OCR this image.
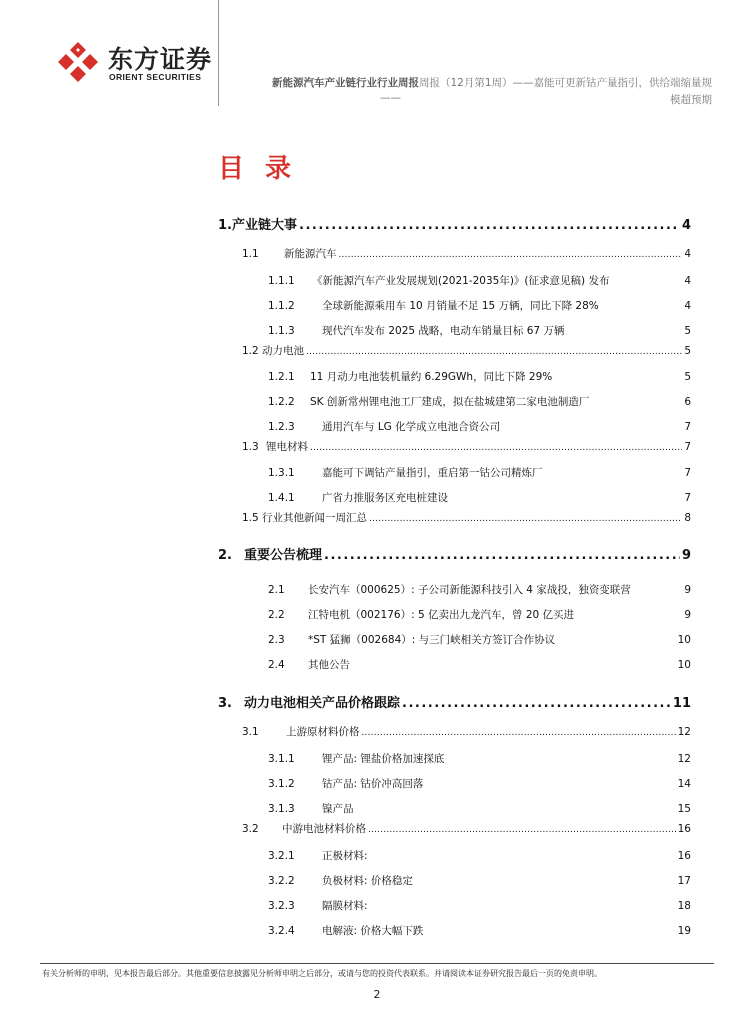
东方证券
ORIENT SECURITIES	新能源汽车产业链行业行业周报周报（12月第1周）——嘉能可更新钴产量指引，供给端缩量规
——	模超预期
目 录
1. 产业链大事 .....	4
1.1	新能源汽车 .....	4
1.1.1	《新能源汽车产业发展规划(2021-2035年)》(征求意见稿) 发布	4
1.1.2	全球新能源乘用车 10 月销量不足 15 万辆，同比下降 28%	4
1.1.3	现代汽车发布 2025 战略，电动车销量目标 67 万辆	5
1.2 动力电池 .....	5
1.2.1	11 月动力电池装机量约 6.29GWh，同比下降 29%	5
1.2.2	SK 创新常州锂电池工厂建成，拟在盐城建第二家电池制造厂	6
1.2.3	通用汽车与 LG 化学成立电池合资公司	7
1.3 锂电材料 .....	7
1.3.1	嘉能可下调钴产量指引，重启第一钴公司精炼厂	7
1.4.1	广省力推服务区充电桩建设	7
1.5 行业其他新闻一周汇总 .....	8
2. 重要公告梳理 .....	9
2.1	长安汽车（000625）: 子公司新能源科技引入 4 家战投，独资变联营	9
2.2	江特电机（002176）: 5 亿卖出九龙汽车，曾 20 亿买进	9
2.3	*ST 猛狮（002684）: 与三门峡相关方签订合作协议	10
2.4	其他公告	10
3. 动力电池相关产品价格跟踪 .....	11
3.1	上游原材料价格 .....	12
3.1.1	锂产品: 锂盐价格加速探底	12
3.1.2	钴产品: 钴价冲高回落	14
3.1.3	镍产品	15
3.2	中游电池材料价格 .....	16
3.2.1	正极材料:	16
3.2.2	负极材料: 价格稳定	17
3.2.3	隔膜材料:	18
3.2.4	电解液: 价格大幅下跌	19
有关分析师的申明，见本报告最后部分。其他重要信息披露见分析师申明之后部分，或请与您的投资代表联系。并请阅读本证券研究报告最后一页的免责申明。
2
